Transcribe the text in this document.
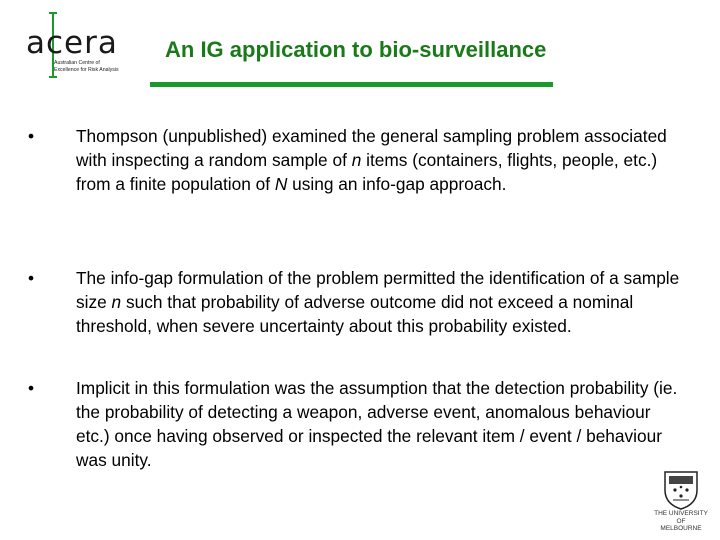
acera
Australian Centre of
Excellence for Risk Analysis
An IG application to bio-surveillance
•	Thompson (unpublished) examined the general sampling problem associated with inspecting a random sample of n items (containers, flights, people, etc.) from a finite population of N using an info-gap approach.
•	The info-gap formulation of the problem permitted the identification of a sample size n such that probability of adverse outcome did not exceed a nominal threshold, when severe uncertainty about this probability existed.
•	Implicit in this formulation was the assumption that the detection probability (ie. the probability of detecting a weapon, adverse event, anomalous behaviour etc.) once having observed or inspected the relevant item / event / behaviour was unity.
THE UNIVERSITY OF
MELBOURNE
